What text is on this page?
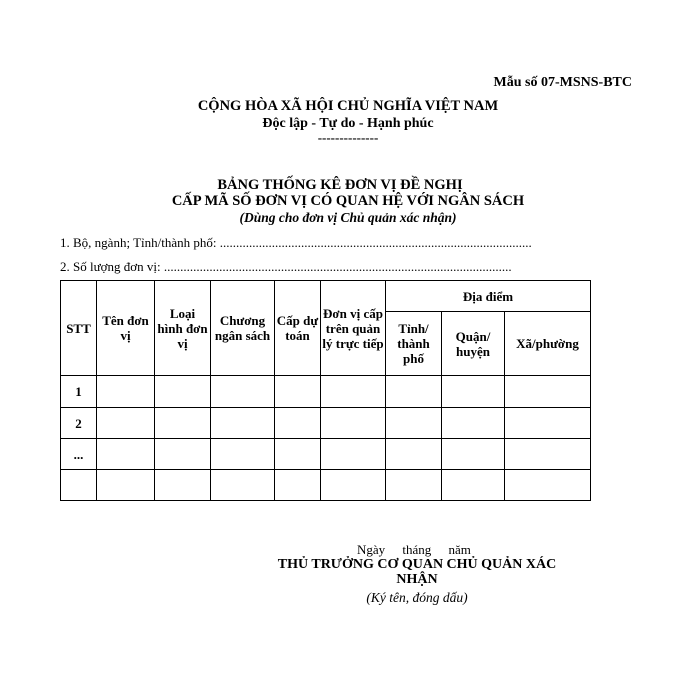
Mẫu số 07-MSNS-BTC
CỘNG HÒA XÃ HỘI CHỦ NGHĨA VIỆT NAM
Độc lập - Tự do - Hạnh phúc
--------------
BẢNG THỐNG KÊ ĐƠN VỊ ĐỀ NGHỊ
CẤP MÃ SỐ ĐƠN VỊ CÓ QUAN HỆ VỚI NGÂN SÁCH
(Dùng cho đơn vị Chủ quản xác nhận)
1. Bộ, ngành; Tỉnh/thành phố: ................................................................................................
2. Số lượng đơn vị: ...........................................................................................................
STT	Tên đơn vị	Loại hình đơn vị	Chương ngân sách	Cấp dự toán	Đơn vị cấp trên quản lý trực tiếp	Địa điểm		
						Tỉnh/ thành phố	Quận/ huyện	Xã/phường
1								
2								
...								

Ngày tháng năm
THỦ TRƯỞNG CƠ QUAN CHỦ QUẢN XÁC
NHẬN
(Ký tên, đóng dấu)
